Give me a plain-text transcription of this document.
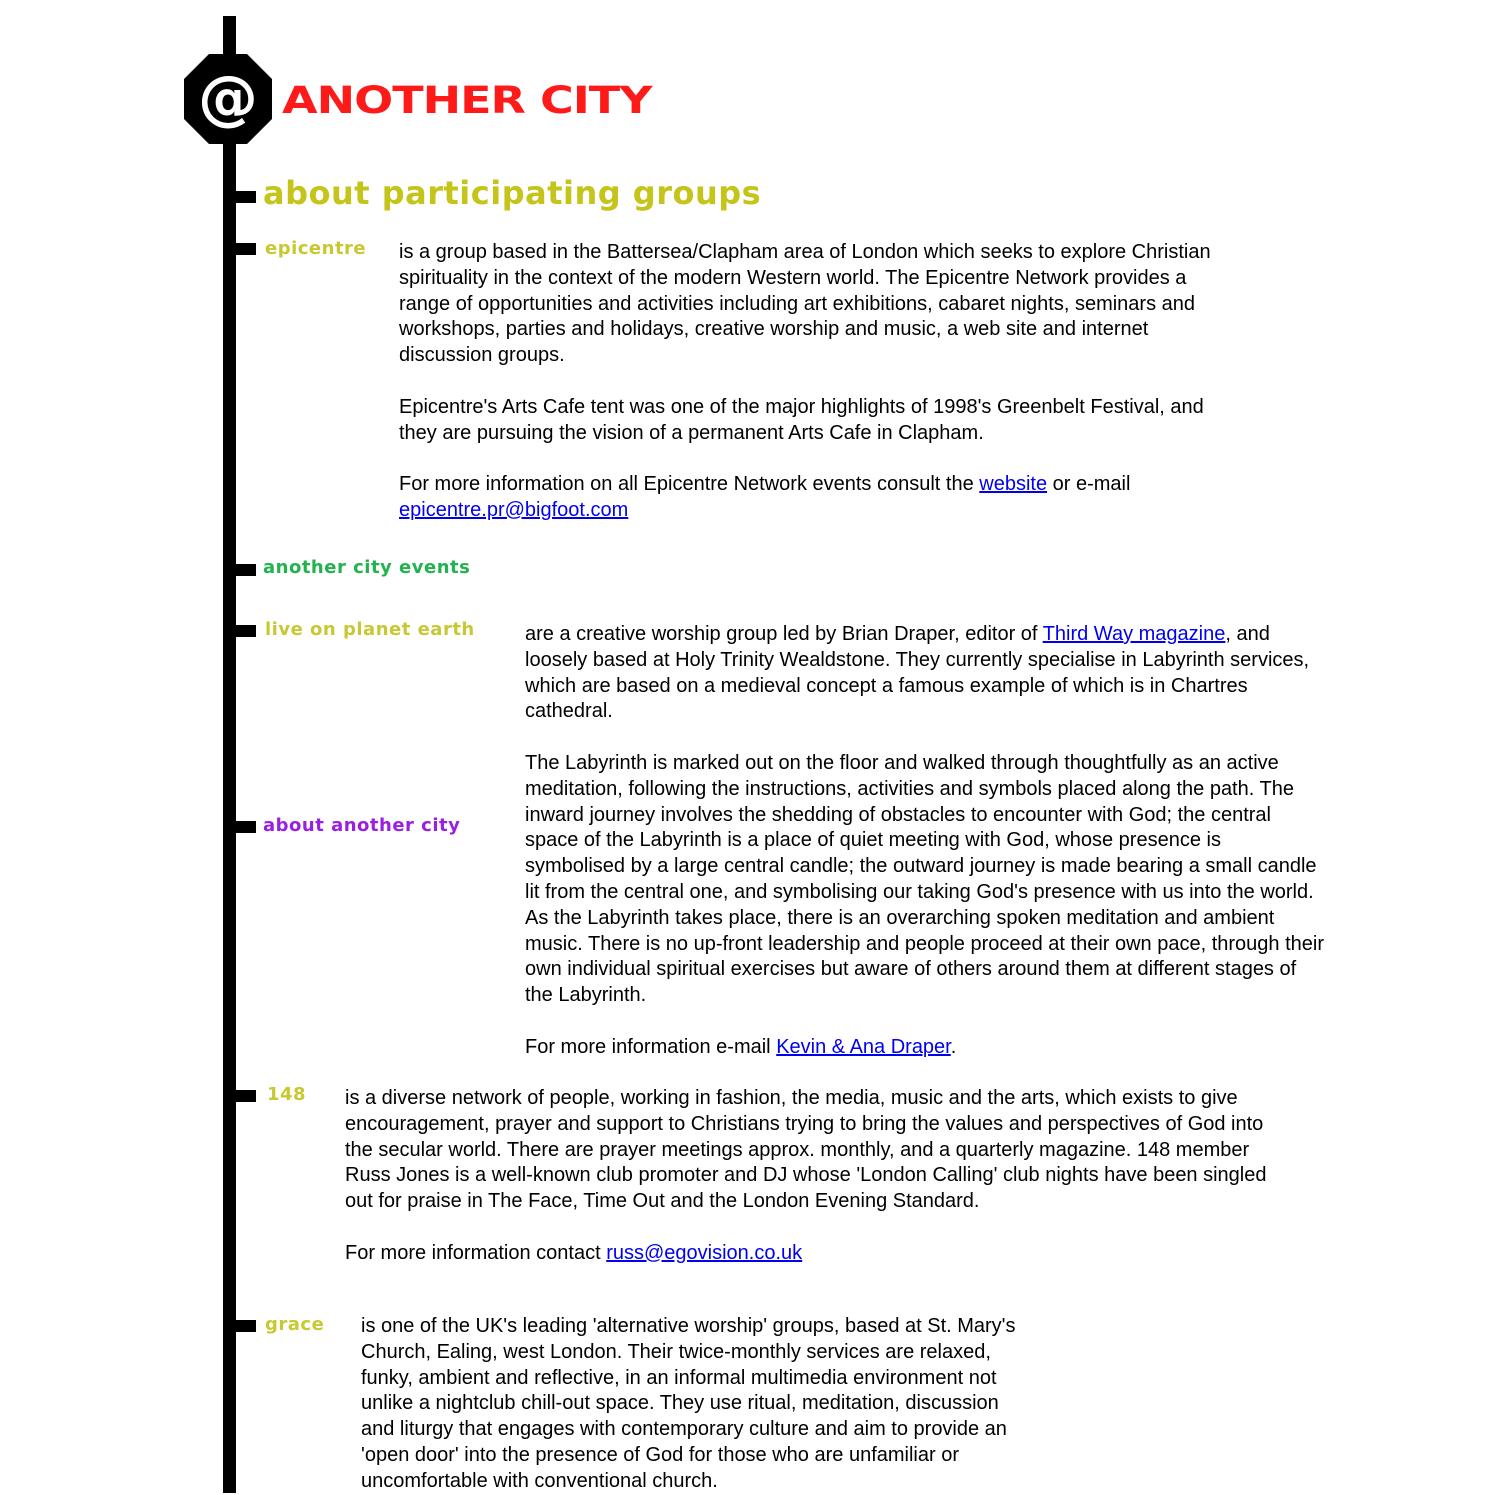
@ ANOTHER CITY
about participating groups
epicentre
another city events
live on planet earth
about another city
148
grace

is a group based in the Battersea/Clapham area of London which seeks to explore Christian spirituality in the context of the modern Western world. The Epicentre Network provides a range of opportunities and activities including art exhibitions, cabaret nights, seminars and workshops, parties and holidays, creative worship and music, a web site and internet discussion groups.

Epicentre's Arts Cafe tent was one of the major highlights of 1998's Greenbelt Festival, and they are pursuing the vision of a permanent Arts Cafe in Clapham.

For more information on all Epicentre Network events consult the website or e-mail epicentre.pr@bigfoot.com

are a creative worship group led by Brian Draper, editor of Third Way magazine, and loosely based at Holy Trinity Wealdstone. They currently specialise in Labyrinth services, which are based on a medieval concept a famous example of which is in Chartres cathedral.

The Labyrinth is marked out on the floor and walked through thoughtfully as an active meditation, following the instructions, activities and symbols placed along the path. The inward journey involves the shedding of obstacles to encounter with God; the central space of the Labyrinth is a place of quiet meeting with God, whose presence is symbolised by a large central candle; the outward journey is made bearing a small candle lit from the central one, and symbolising our taking God's presence with us into the world. As the Labyrinth takes place, there is an overarching spoken meditation and ambient music. There is no up-front leadership and people proceed at their own pace, through their own individual spiritual exercises but aware of others around them at different stages of the Labyrinth.

For more information e-mail Kevin & Ana Draper.

is a diverse network of people, working in fashion, the media, music and the arts, which exists to give encouragement, prayer and support to Christians trying to bring the values and perspectives of God into the secular world. There are prayer meetings approx. monthly, and a quarterly magazine. 148 member Russ Jones is a well-known club promoter and DJ whose 'London Calling' club nights have been singled out for praise in The Face, Time Out and the London Evening Standard.

For more information contact russ@egovision.co.uk

is one of the UK's leading 'alternative worship' groups, based at St. Mary's Church, Ealing, west London. Their twice-monthly services are relaxed, funky, ambient and reflective, in an informal multimedia environment not unlike a nightclub chill-out space. They use ritual, meditation, discussion and liturgy that engages with contemporary culture and aim to provide an 'open door' into the presence of God for those who are unfamiliar or uncomfortable with conventional church.
